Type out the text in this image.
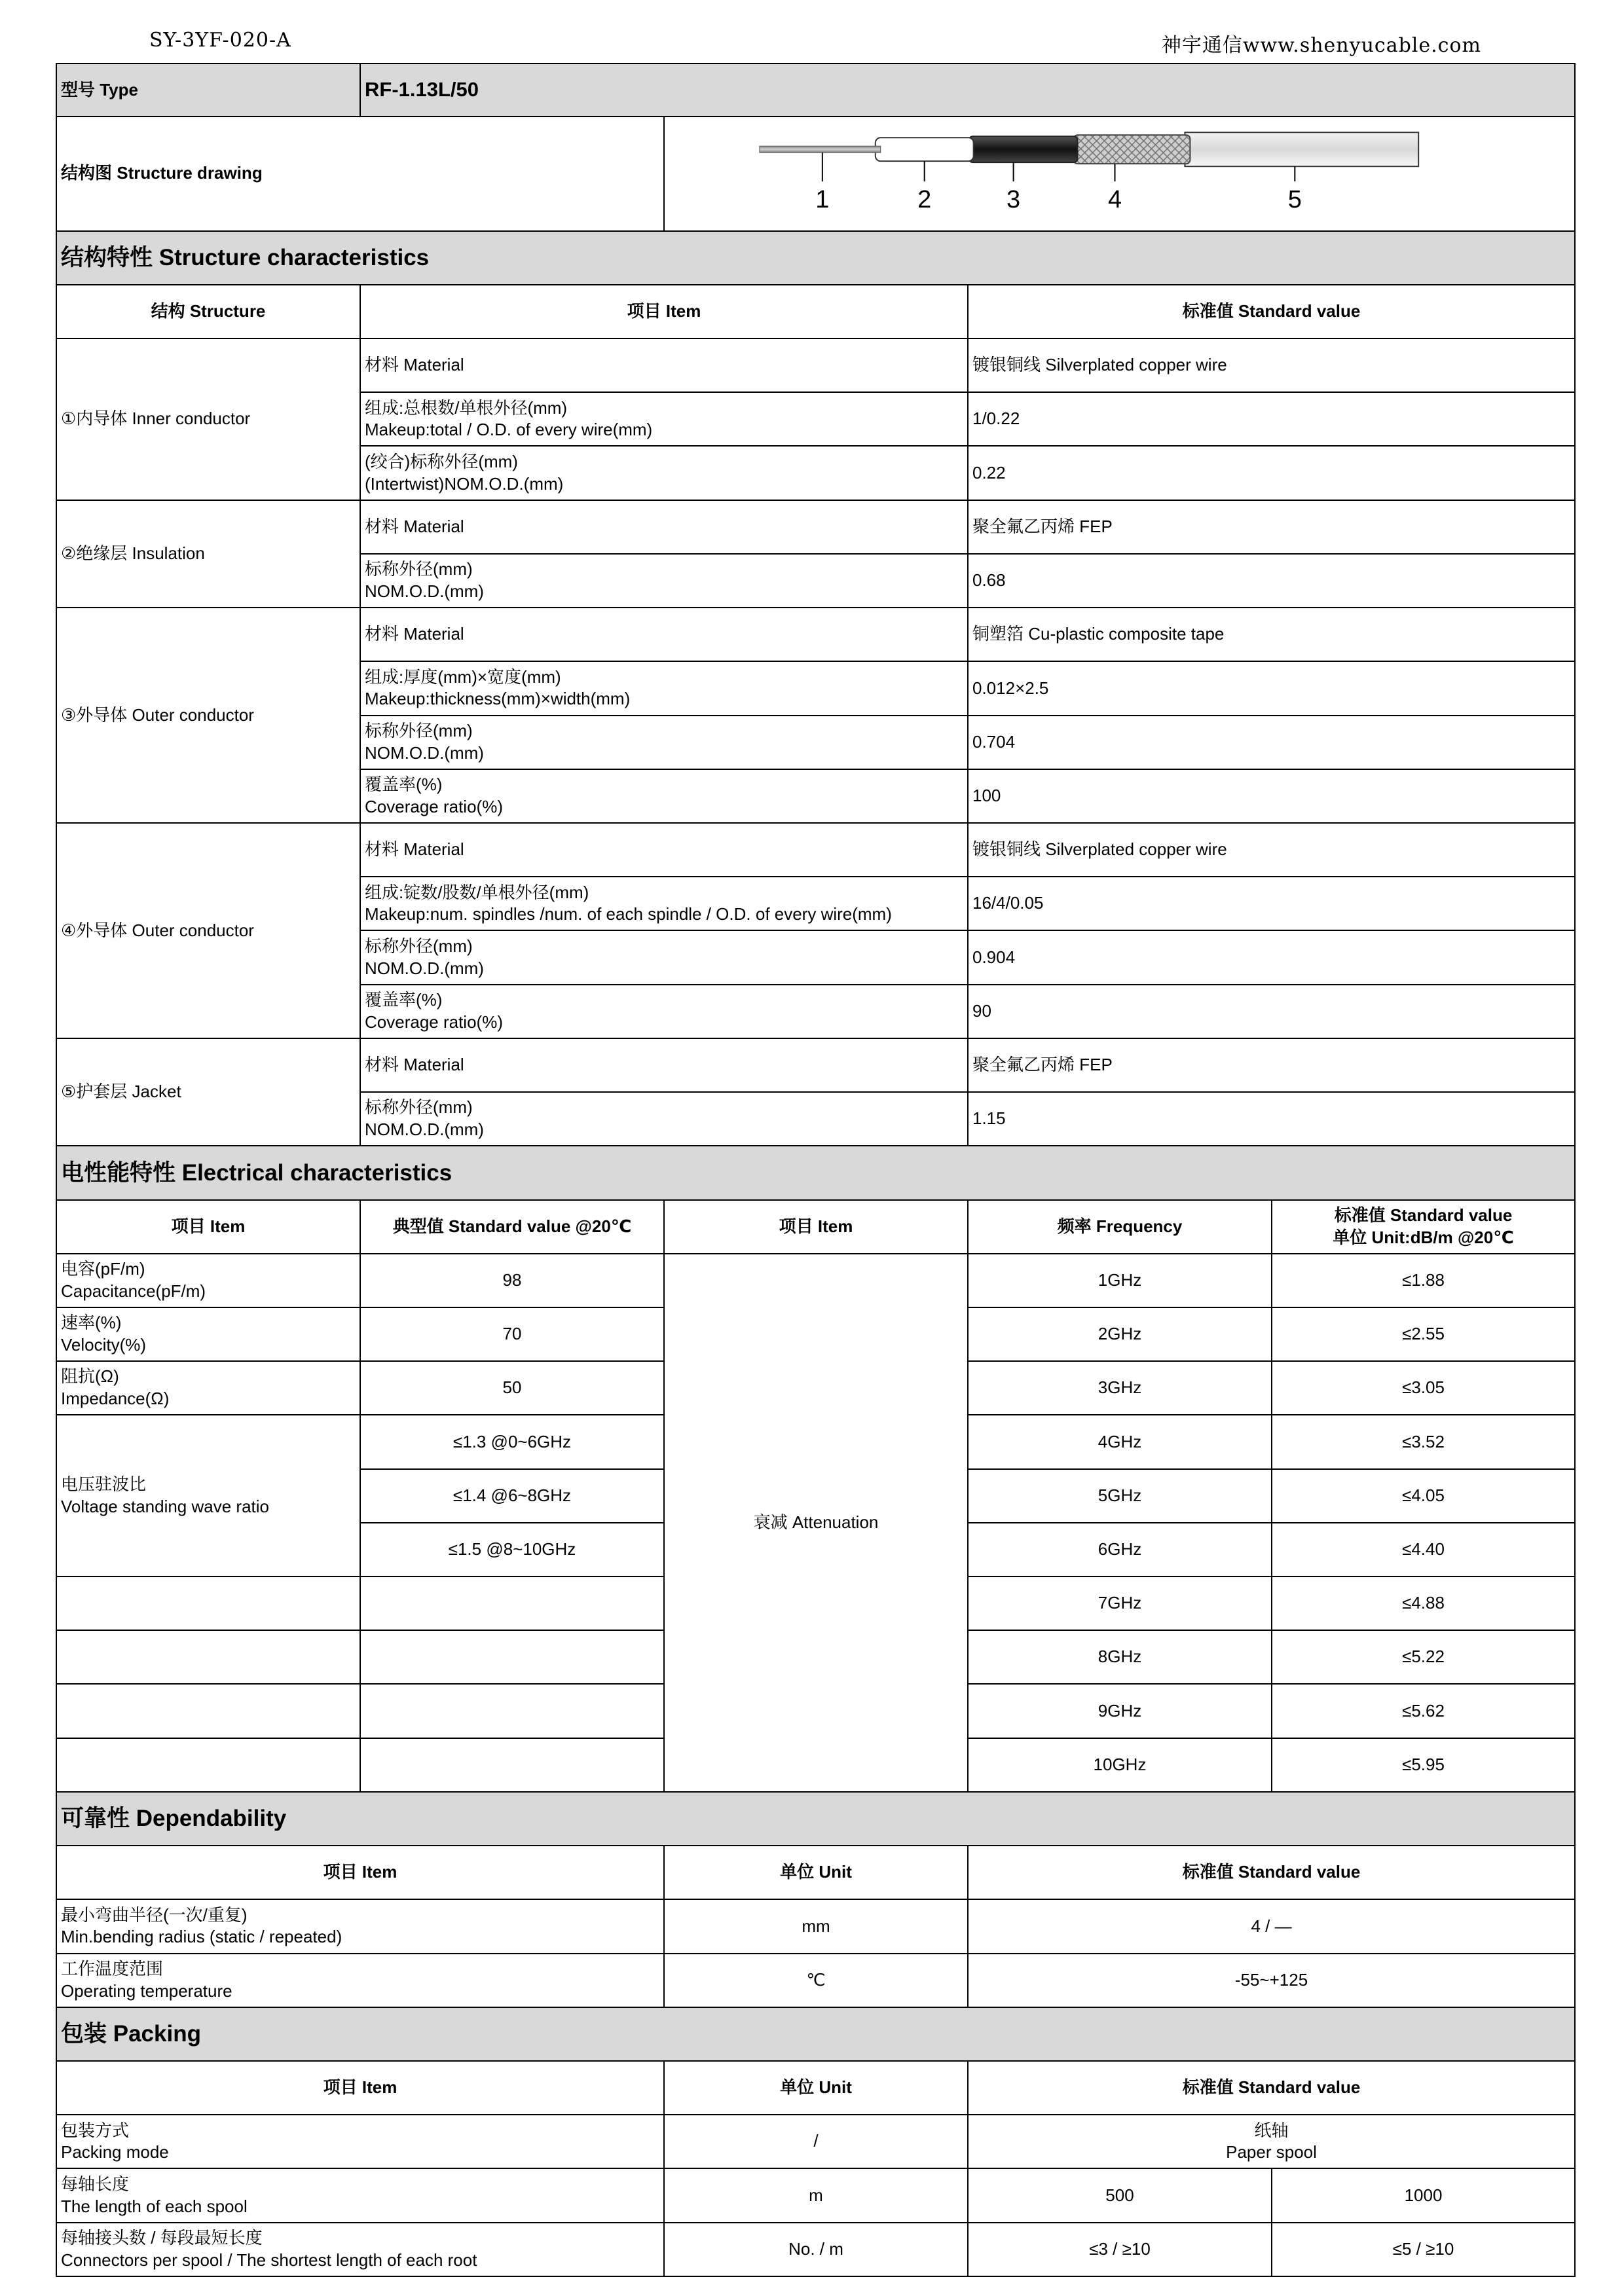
SY-3YF-020-A	神宇通信www.shenyucable.com
型号 Type	RF-1.13L/50			
结构图 Structure drawing		1 2 3 4 5		

结构特性 Structure characteristics				
结构 Structure	项目 Item		标准值 Standard value	
①内导体 Inner conductor	材料 Material		镀银铜线 Silverplated copper wire	

	组成:总根数/单根外径(mm)
Makeup:total / O.D. of every wire(mm)		1/0.22	

	(绞合)标称外径(mm)
(Intertwist)NOM.O.D.(mm)		0.22	
②绝缘层 Insulation	材料 Material		聚全氟乙丙烯 FEP	

	标称外径(mm)
NOM.O.D.(mm)		0.68	
③外导体 Outer conductor	材料 Material		铜塑箔 Cu-plastic composite tape	

	组成:厚度(mm)×宽度(mm)
Makeup:thickness(mm)×width(mm)		0.012×2.5	

	标称外径(mm)
NOM.O.D.(mm)		0.704	

	覆盖率(%)
Coverage ratio(%)		100	
④外导体 Outer conductor	材料 Material		镀银铜线 Silverplated copper wire	

	组成:锭数/股数/单根外径(mm)
Makeup:num. spindles /num. of each spindle / O.D. of every wire(mm)		16/4/0.05	

	标称外径(mm)
NOM.O.D.(mm)		0.904	

	覆盖率(%)
Coverage ratio(%)		90	
⑤护套层 Jacket	材料 Material		聚全氟乙丙烯 FEP	

	标称外径(mm)
NOM.O.D.(mm)		1.15	
电性能特性 Electrical characteristics				
项目 Item	典型值 Standard value @20℃	项目 Item	频率 Frequency	标准值 Standard value
单位 Unit:dB/m @20℃

电容(pF/m)
Capacitance(pF/m)	98	衰减 Attenuation	1GHz	≤1.88

速率(%)
Velocity(%)	70		2GHz	≤2.55

阻抗(Ω)
Impedance(Ω)	50		3GHz	≤3.05

电压驻波比
Voltage standing wave ratio	≤1.3 @0~6GHz		4GHz	≤3.52
	≤1.4 @6~8GHz		5GHz	≤4.05
	≤1.5 @8~10GHz		6GHz	≤4.40
			7GHz	≤4.88
			8GHz	≤5.22
			9GHz	≤5.62
			10GHz	≤5.95
可靠性 Dependability				
项目 Item		单位 Unit	标准值 Standard value	

最小弯曲半径(一次/重复)
Min.bending radius (static / repeated)		mm	4 / —	

工作温度范围
Operating temperature		℃	-55~+125	
包装 Packing				
项目 Item		单位 Unit	标准值 Standard value	

包装方式
Packing mode		/	纸轴
Paper spool	

每轴长度
The length of each spool		m	500	1000

每轴接头数 / 每段最短长度
Connectors per spool / The shortest length of each root		No. / m	≤3 / ≥10	≤5 / ≥10
